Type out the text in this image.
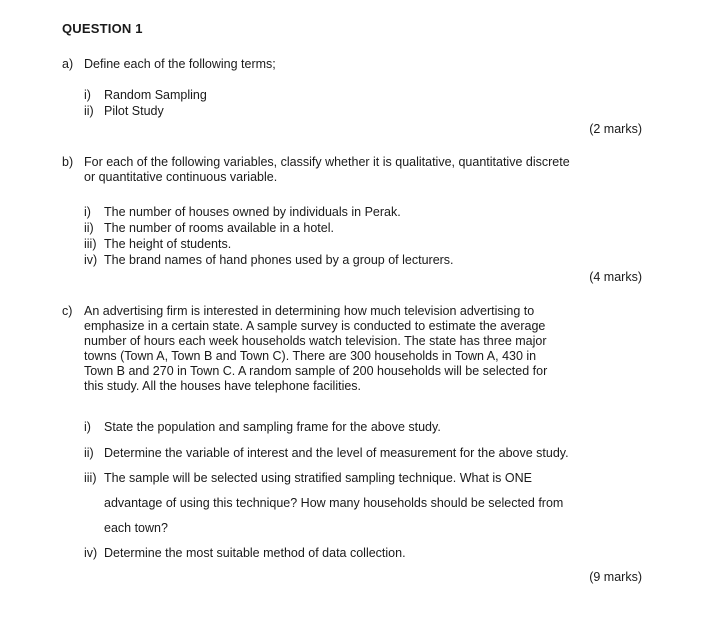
QUESTION 1
a) Define each of the following terms;
i) Random Sampling
ii) Pilot Study
(2 marks)
b) For each of the following variables, classify whether it is qualitative, quantitative discrete
or quantitative continuous variable.
i) The number of houses owned by individuals in Perak.
ii) The number of rooms available in a hotel.
iii) The height of students.
iv) The brand names of hand phones used by a group of lecturers.
(4 marks)
c) An advertising firm is interested in determining how much television advertising to
emphasize in a certain state. A sample survey is conducted to estimate the average
number of hours each week households watch television. The state has three major
towns (Town A, Town B and Town C). There are 300 households in Town A, 430 in
Town B and 270 in Town C. A random sample of 200 households will be selected for
this study. All the houses have telephone facilities.
i) State the population and sampling frame for the above study.
ii) Determine the variable of interest and the level of measurement for the above study.
iii) The sample will be selected using stratified sampling technique. What is ONE
advantage of using this technique? How many households should be selected from
each town?
iv) Determine the most suitable method of data collection.
(9 marks)
